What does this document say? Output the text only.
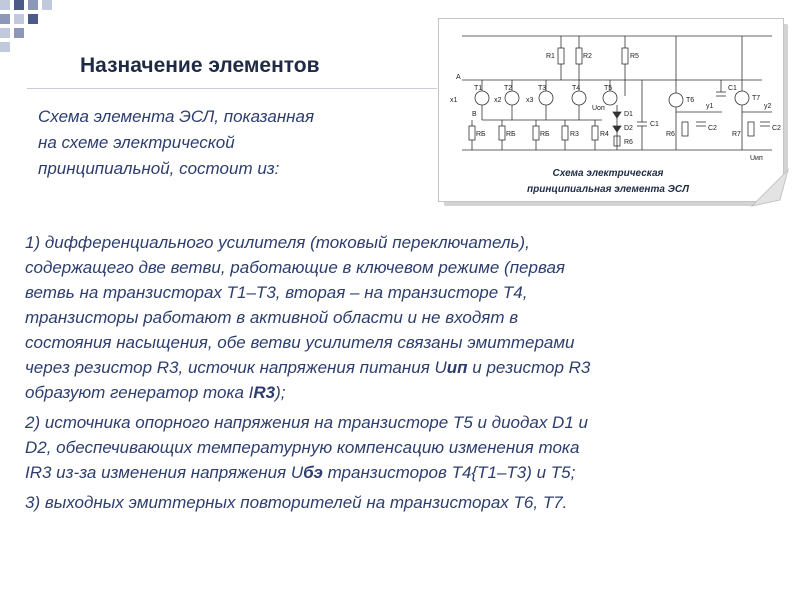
Назначение элементов
Схема элемента ЭСЛ, показанная
на схеме электрической
принципиальной, состоит из:
R1	R2	R5
A
x1	x2	x3
T1	T2	T3	T4	T5
T6	T7
B
Uоп
D1
D2
R6
C1
C2
C1
C2
y1	y2
RБ	RБ	RБ	R3	R4	R6	R7
Uип
Схема электрическая
принципиальная элемента ЭСЛ
1) дифференциального усилителя (токовый переключатель),
содержащего две ветви, работающие в ключевом режиме (первая
ветвь на транзисторах Т1–Т3, вторая – на транзисторе Т4,
транзисторы работают в активной области и не входят в
состояния насыщения, обе ветви усилителя связаны эмиттерами
через резистор R3, источик напряжения питания Uип и резистор R3
образуют генератор тока IR3);
2) источника опорного напряжения на транзисторе Т5 и диодах D1 и
D2, обеспечивающих температурную компенсацию изменения тока
IR3 из-за изменения напряжения Uбэ транзисторов Т4{Т1–Т3) и Т5;
3) выходных эмиттерных повторителей на транзисторах Т6, Т7.
